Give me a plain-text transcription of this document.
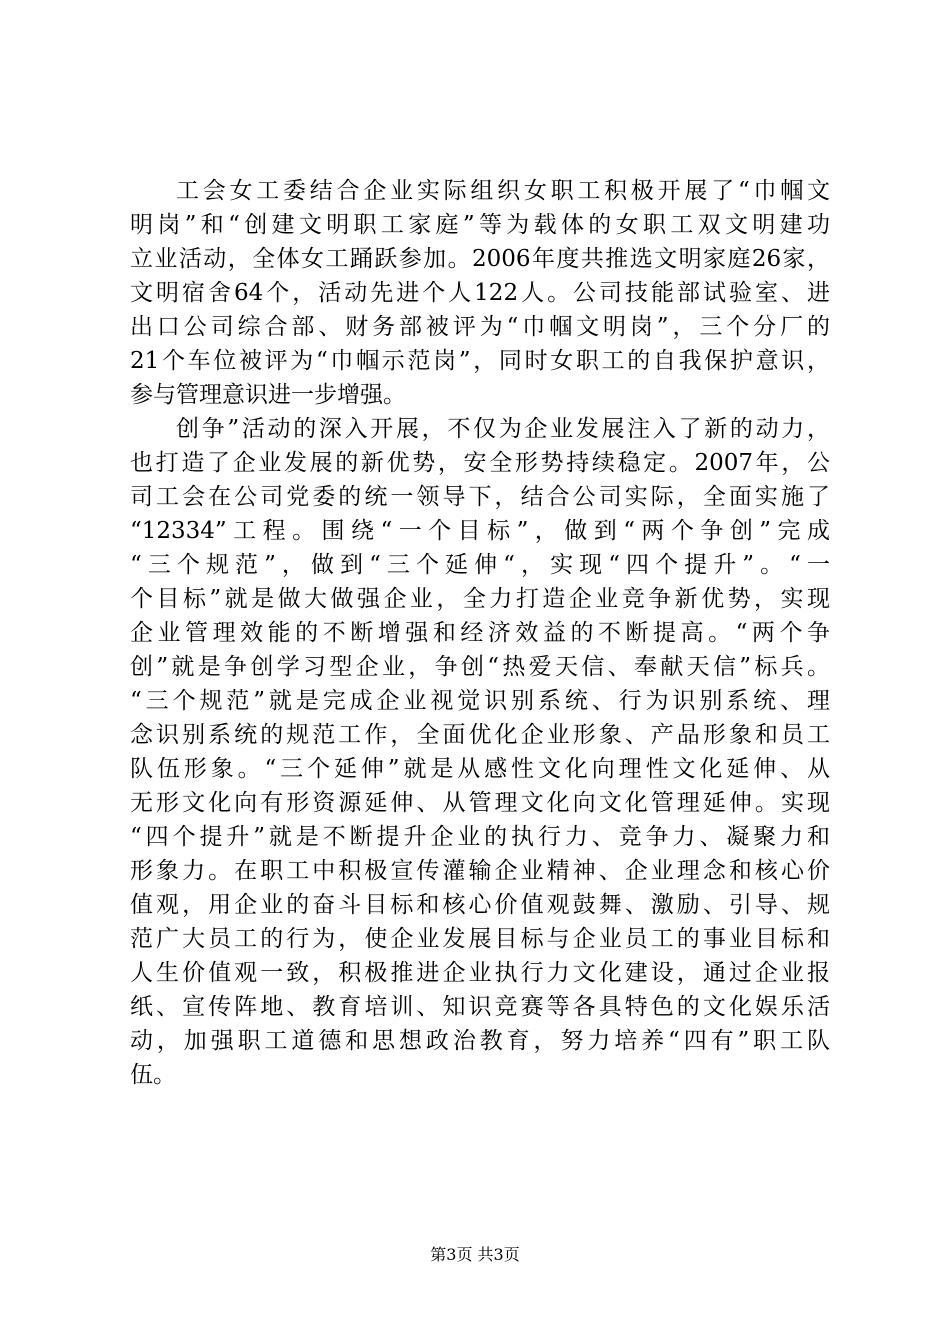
工会女工委结合企业实际组织女职工积极开展了“巾帼文
明岗”和“创建文明职工家庭”等为载体的女职工双文明建功
立业活动，全体女工踊跃参加。2006年度共推选文明家庭26家，
文明宿舍64个，活动先进个人122人。公司技能部试验室、进
出口公司综合部、财务部被评为“巾帼文明岗”，三个分厂的
21个车位被评为“巾帼示范岗”，同时女职工的自我保护意识，
参与管理意识进一步增强。
创争”活动的深入开展，不仅为企业发展注入了新的动力，
也打造了企业发展的新优势，安全形势持续稳定。2007年，公
司工会在公司党委的统一领导下，结合公司实际，全面实施了
“12334”工程。围绕“一个目标”，做到“两个争创”完成
“三个规范”，做到“三个延伸“，实现“四个提升”。“一
个目标”就是做大做强企业，全力打造企业竞争新优势，实现
企业管理效能的不断增强和经济效益的不断提高。“两个争
创”就是争创学习型企业，争创“热爱天信、奉献天信”标兵。
“三个规范”就是完成企业视觉识别系统、行为识别系统、理
念识别系统的规范工作，全面优化企业形象、产品形象和员工
队伍形象。“三个延伸”就是从感性文化向理性文化延伸、从
无形文化向有形资源延伸、从管理文化向文化管理延伸。实现
“四个提升”就是不断提升企业的执行力、竞争力、凝聚力和
形象力。在职工中积极宣传灌输企业精神、企业理念和核心价
值观，用企业的奋斗目标和核心价值观鼓舞、激励、引导、规
范广大员工的行为，使企业发展目标与企业员工的事业目标和
人生价值观一致，积极推进企业执行力文化建设，通过企业报
纸、宣传阵地、教育培训、知识竞赛等各具特色的文化娱乐活
动，加强职工道德和思想政治教育，努力培养“四有”职工队
伍。
第3页 共3页
